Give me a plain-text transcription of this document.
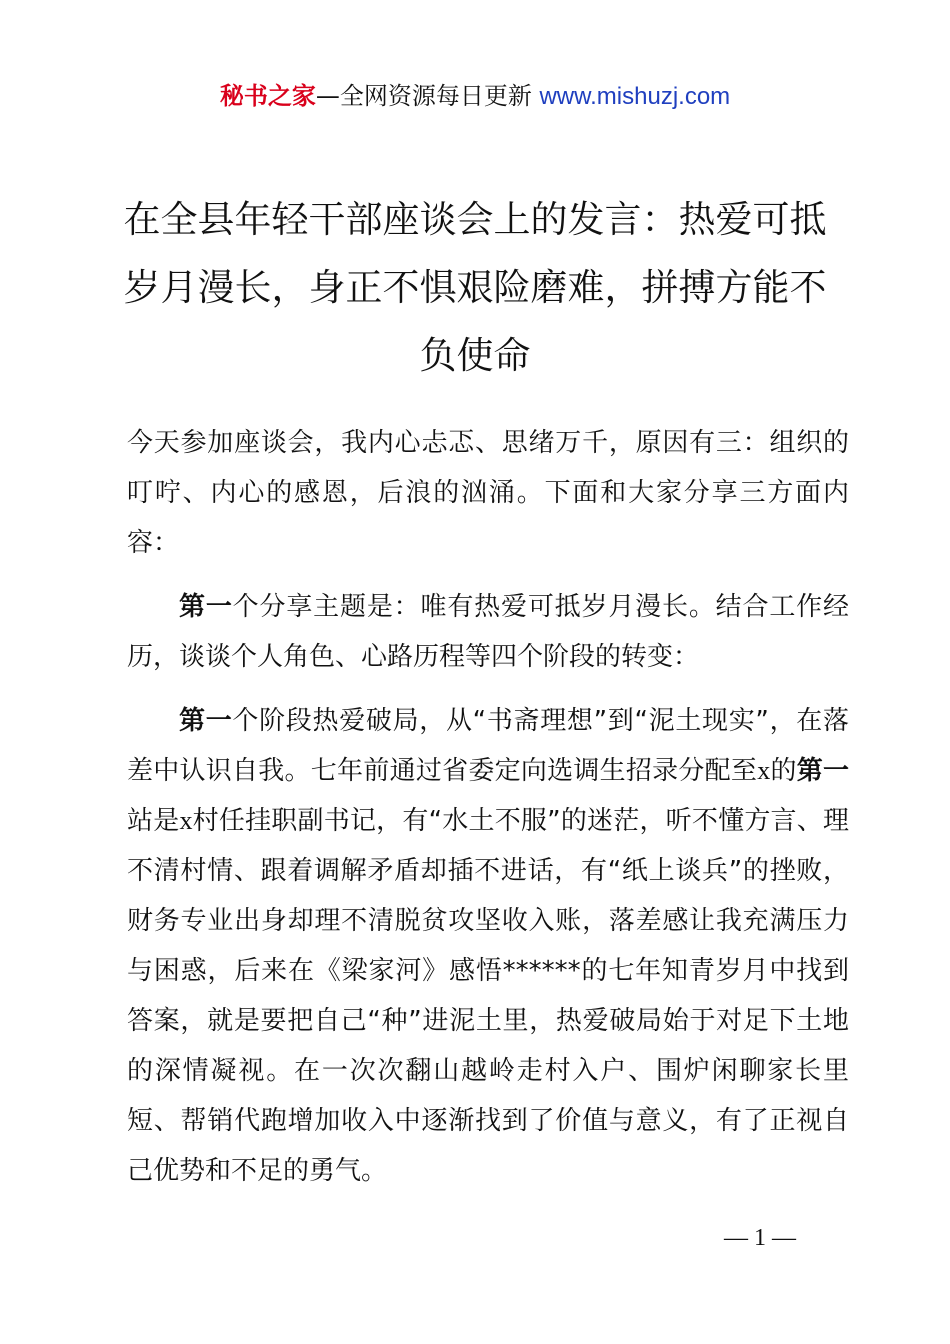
秘书之家—全网资源每日更新 www.mishuzj.com
在全县年轻干部座谈会上的发言：热爱可抵岁月漫长，身正不惧艰险磨难，拼搏方能不负使命

今天参加座谈会，我内心忐忑、思绪万千，原因有三：组织的叮咛、内心的感恩，后浪的汹涌。下面和大家分享三方面内容：

第一个分享主题是：唯有热爱可抵岁月漫长。结合工作经历，谈谈个人角色、心路历程等四个阶段的转变：

第一个阶段热爱破局，从“书斋理想”到“泥土现实”，在落差中认识自我。七年前通过省委定向选调生招录分配至x的第一站是x村任挂职副书记，有“水土不服”的迷茫，听不懂方言、理不清村情、跟着调解矛盾却插不进话，有“纸上谈兵”的挫败，财务专业出身却理不清脱贫攻坚收入账，落差感让我充满压力与困惑，后来在《梁家河》感悟******的七年知青岁月中找到答案，就是要把自己“种”进泥土里，热爱破局始于对足下土地的深情凝视。在一次次翻山越岭走村入户、围炉闲聊家长里短、帮销代跑增加收入中逐渐找到了价值与意义，有了正视自己优势和不足的勇气。

— 1 —
